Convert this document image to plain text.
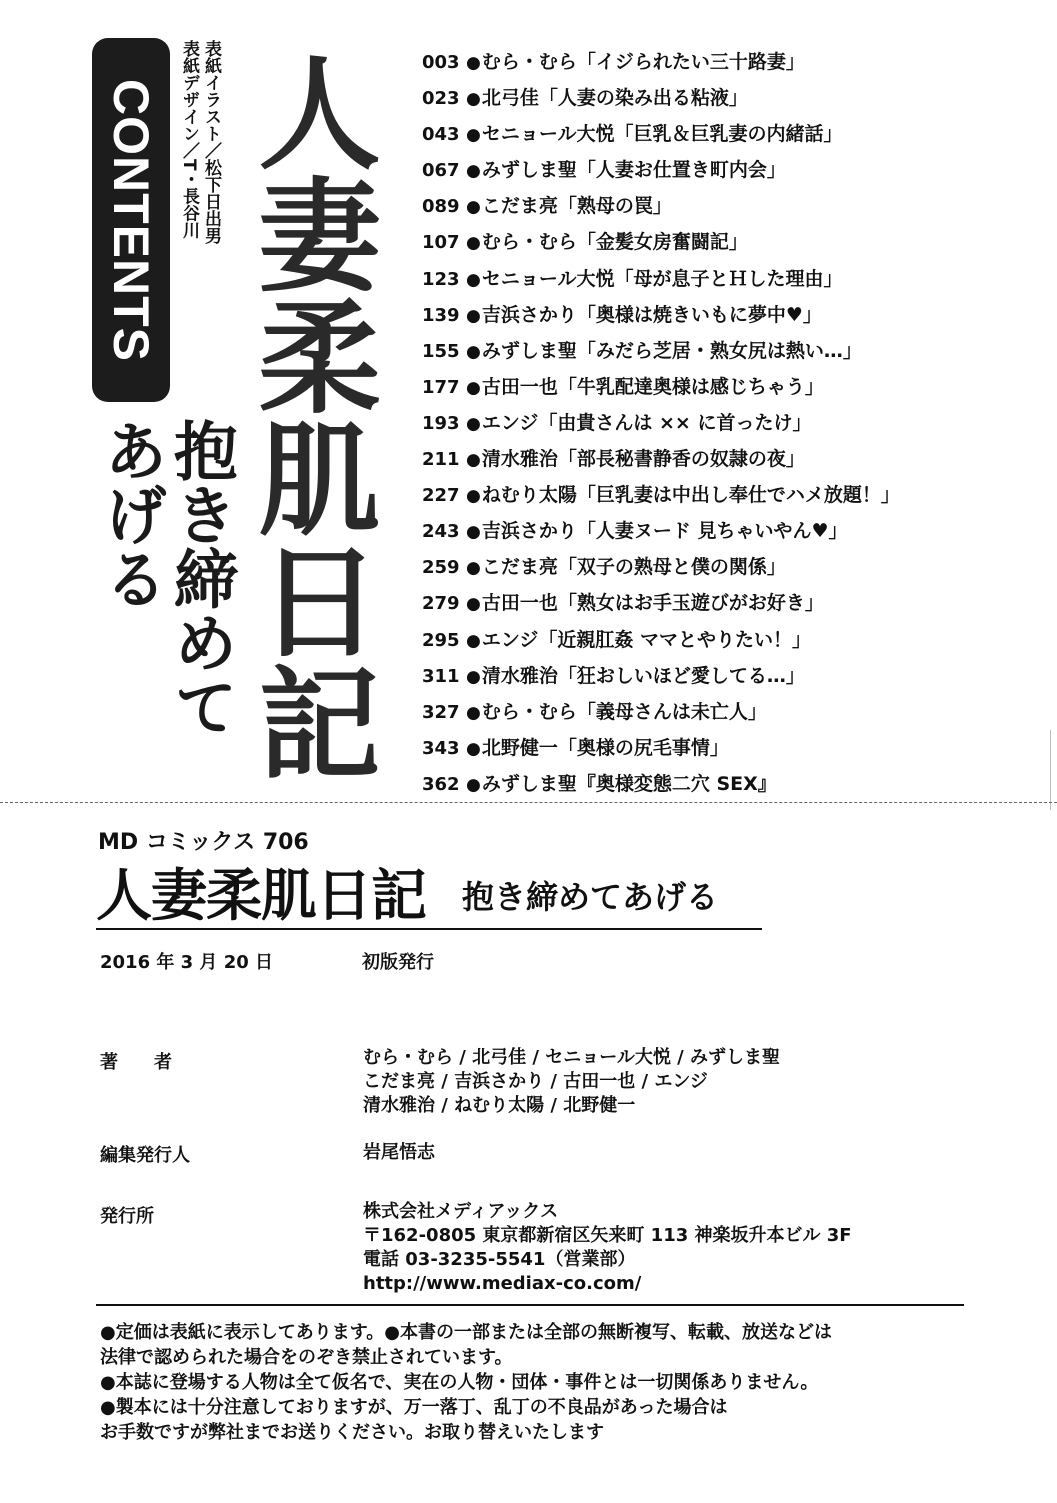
CONTENTS 表紙イラスト／松下日出男
表紙デザイン／T・長谷川 人妻柔肌日記
抱き締めて
あげる
003 ●むら・むら「イジられたい三十路妻」
023 ●北弓佳「人妻の染み出る粘液」
043 ●セニョール大悦「巨乳＆巨乳妻の内緒話」
067 ●みずしま聖「人妻お仕置き町内会」
089 ●こだま亮「熟母の罠」
107 ●むら・むら「金髪女房奮闘記」
123 ●セニョール大悦「母が息子とＨした理由」
139 ●吉浜さかり「奥様は焼きいもに夢中♥」
155 ●みずしま聖「みだら芝居・熟女尻は熱い…」
177 ●古田一也「牛乳配達奥様は感じちゃう」
193 ●エンジ「由貴さんは ×× に首ったけ」
211 ●清水雅治「部長秘書静香の奴隷の夜」
227 ●ねむり太陽「巨乳妻は中出し奉仕でハメ放題！」
243 ●吉浜さかり「人妻ヌード 見ちゃいやん♥」
259 ●こだま亮「双子の熟母と僕の関係」
279 ●古田一也「熟女はお手玉遊びがお好き」
295 ●エンジ「近親肛姦 ママとやりたい！」
311 ●清水雅治「狂おしいほど愛してる…」
327 ●むら・むら「義母さんは未亡人」
343 ●北野健一「奥様の尻毛事情」
362 ●みずしま聖『奥様変態二穴 SEX』
MD コミックス 706
人妻柔肌日記 抱き締めてあげる
2016 年 3 月 20 日	初版発行
著者	むら・むら / 北弓佳 / セニョール大悦 / みずしま聖
こだま亮 / 吉浜さかり / 古田一也 / エンジ
清水雅治 / ねむり太陽 / 北野健一
編集発行人	岩尾悟志
発行所	株式会社メディアックス
〒162-0805 東京都新宿区矢来町 113 神楽坂升本ビル 3F
電話 03-3235-5541（営業部）
http://www.mediax-co.com/
●定価は表紙に表示してあります。●本書の一部または全部の無断複写、転載、放送などは
法律で認められた場合をのぞき禁止されています。
●本誌に登場する人物は全て仮名で、実在の人物・団体・事件とは一切関係ありません。
●製本には十分注意しておりますが、万一落丁、乱丁の不良品があった場合は
お手数ですが弊社までお送りください。お取り替えいたします
